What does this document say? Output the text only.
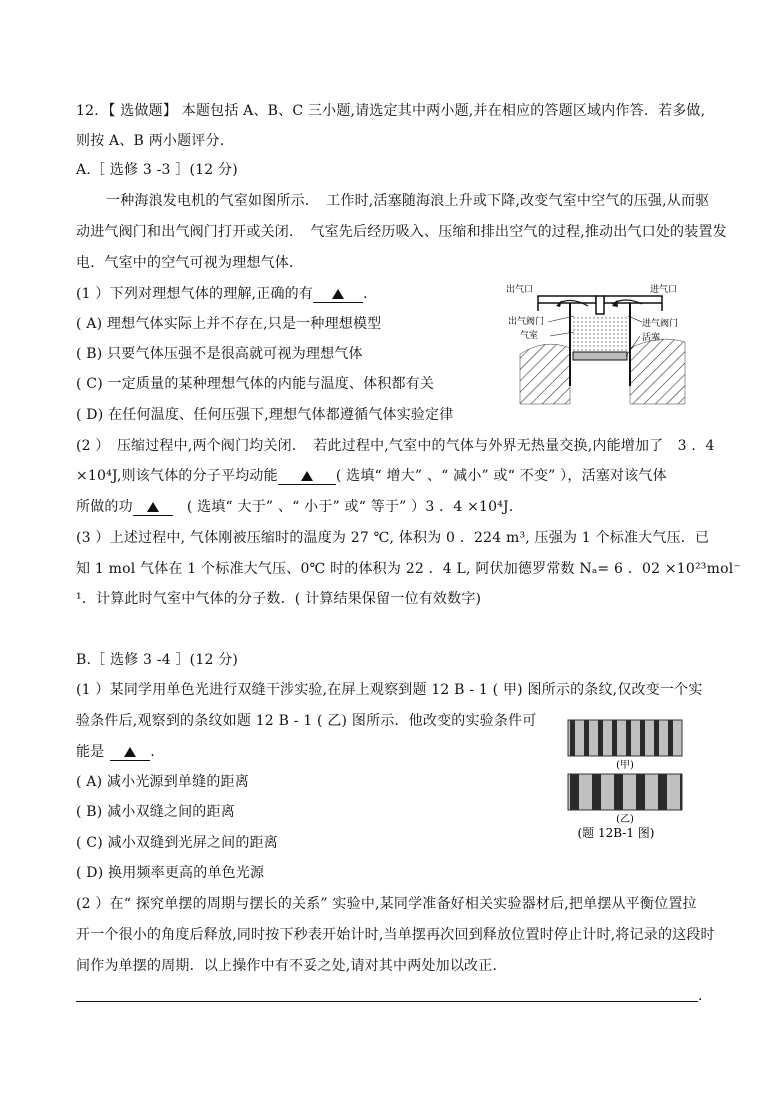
12．【 选做题】 本题包括 A、B、C 三小题,请选定其中两小题,并在相应的答题区域内作答．若多做,
则按 A、B 两小题评分.
A.［ 选修 3 -3 ］(12 分)
一种海浪发电机的气室如图所示．　工作时,活塞随海浪上升或下降,改变气室中空气的压强,从而驱
动进气阀门和出气阀门打开或关闭．　气室先后经历吸入、压缩和排出空气的过程,推动出气口处的装置发
电．气室中的空气可视为理想气体．
(1 ）下列对理想气体的理解,正确的有	．
( A) 理想气体实际上并不存在,只是一种理想模型
( B) 只要气体压强不是很高就可视为理想气体
( C) 一定质量的某种理想气体的内能与温度、体积都有关
( D) 在任何温度、任何压强下,理想气体都遵循气体实验定律
(2 ）　压缩过程中,两个阀门均关闭．　若此过程中,气室中的气体与外界无热量交换,内能增加了　3 ．4
×10⁴J,则该气体的分子平均动能	( 选填“ 增大” 、“ 减小” 或“ 不变” ），活塞对该气体
所做的功	( 选填“ 大于” 、“ 小于” 或“ 等于” ）3 ．4 ×10⁴J．
(3 ）上述过程中, 气体刚被压缩时的温度为 27 ℃, 体积为 0 ．224 m³, 压强为 1 个标准大气压．已
知 1 mol 气体在 1 个标准大气压、0℃ 时的体积为 22 ．4 L, 阿伏加德罗常数 Nₐ= 6 ．02 ×10²³mol⁻
¹．计算此时气室中气体的分子数．( 计算结果保留一位有效数字)
出气口	进气口
出气阀门
气室
进气阀门
活塞
B.［ 选修 3 -4 ］(12 分)
(1 ）某同学用单色光进行双缝干涉实验,在屏上观察到题 12 B - 1 ( 甲) 图所示的条纹,仅改变一个实
验条件后,观察到的条纹如题 12 B - 1 ( 乙) 图所示．他改变的实验条件可
能是	．
( A) 减小光源到单缝的距离
( B) 减小双缝之间的距离
( C) 减小双缝到光屏之间的距离
( D) 换用频率更高的单色光源
(2 ）在“ 探究单摆的周期与摆长的关系” 实验中,某同学准备好相关实验器材后,把单摆从平衡位置拉
开一个很小的角度后释放,同时按下秒表开始计时,当单摆再次回到释放位置时停止计时,将记录的这段时
间作为单摆的周期．以上操作中有不妥之处,请对其中两处加以改正．
(甲)
(乙)
(题 12B-1 图)
.
